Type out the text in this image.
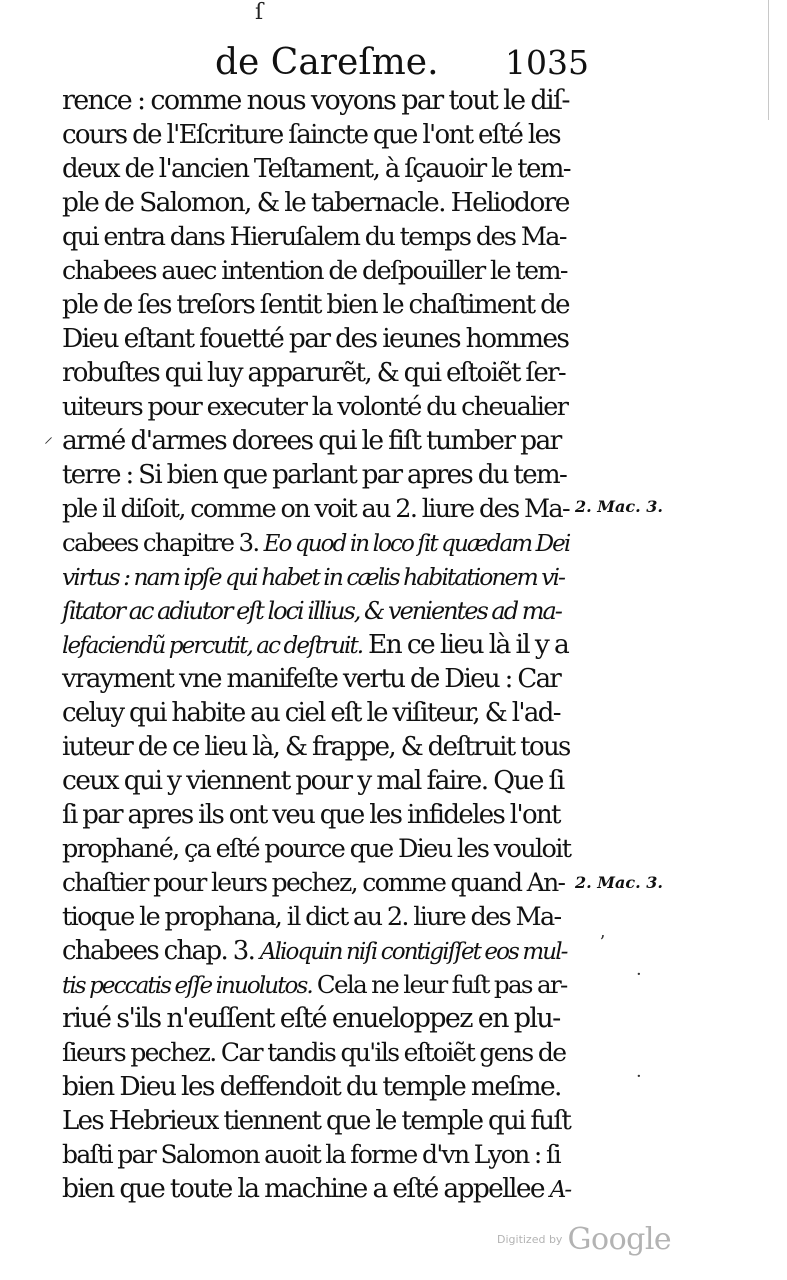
ſ
de Careſme. 1035
rence : comme nous voyons par tout le diſ-
cours de l'Eſcriture ſaincte que l'ont eſté les
deux de l'ancien Teſtament, à ſçauoir le tem-
ple de Salomon, & le tabernacle. Heliodore
qui entra dans Hieruſalem du temps des Ma-
chabees auec intention de deſpouiller le tem-
ple de ſes treſors ſentit bien le chaſtiment de
Dieu eſtant fouetté par des ieunes hommes
robuſtes qui luy apparurẽt, & qui eſtoiẽt ſer-
uiteurs pour executer la volonté du cheualier
armé d'armes dorees qui le fiſt tumber par
terre : Si bien que parlant par apres du tem-
ple il diſoit, comme on voit au 2. liure des Ma-
cabees chapitre 3. Eo quod in loco ſit quædam Dei
virtus : nam ipſe qui habet in cælis habitationem vi-
ſitator ac adiutor eſt loci illius, & venientes ad ma-
lefaciendũ percutit, ac deſtruit. En ce lieu là il y a
vrayment vne manifeſte vertu de Dieu : Car
celuy qui habite au ciel eſt le viſiteur, & l'ad-
iuteur de ce lieu là, & frappe, & deſtruit tous
ceux qui y viennent pour y mal faire. Que ſi
ſi par apres ils ont veu que les infideles l'ont
prophané, ça eſté pource que Dieu les vouloit
chaſtier pour leurs pechez, comme quand An-
tioque le prophana, il dict au 2. liure des Ma-
chabees chap. 3. Alioquin niſi contigiſſet eos mul-
tis peccatis eſſe inuolutos. Cela ne leur fuſt pas ar-
riué s'ils n'euſſent eſté enueloppez en plu-
ſieurs pechez. Car tandis qu'ils eſtoiẽt gens de
bien Dieu les deffendoit du temple meſme.
Les Hebrieux tiennent que le temple qui fuſt
baſti par Salomon auoit la forme d'vn Lyon : ſi
bien que toute la machine a eſté appellee A-
2. Mac. 3.
2. Mac. 3.
⸍
ʼ
·
·
Digitized by Google
